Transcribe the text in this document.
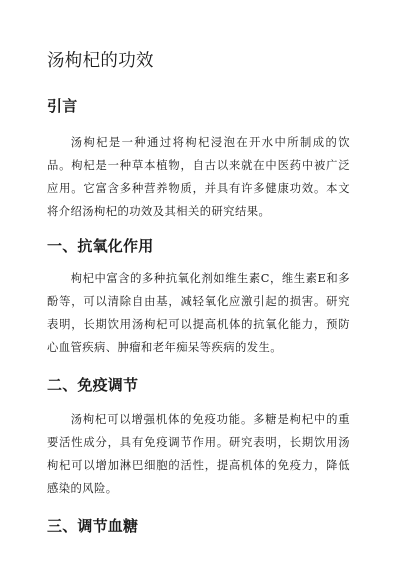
汤枸杞的功效
引言

汤枸杞是一种通过将枸杞浸泡在开水中所制成的饮品。枸杞是一种草本植物，自古以来就在中医药中被广泛应用。它富含多种营养物质，并具有许多健康功效。本文将介绍汤枸杞的功效及其相关的研究结果。

一、抗氧化作用

枸杞中富含的多种抗氧化剂如维生素C，维生素E和多酚等，可以清除自由基，减轻氧化应激引起的损害。研究表明，长期饮用汤枸杞可以提高机体的抗氧化能力，预防心血管疾病、肿瘤和老年痴呆等疾病的发生。

二、免疫调节

汤枸杞可以增强机体的免疫功能。多糖是枸杞中的重要活性成分，具有免疫调节作用。研究表明，长期饮用汤枸杞可以增加淋巴细胞的活性，提高机体的免疫力，降低感染的风险。

三、调节血糖
